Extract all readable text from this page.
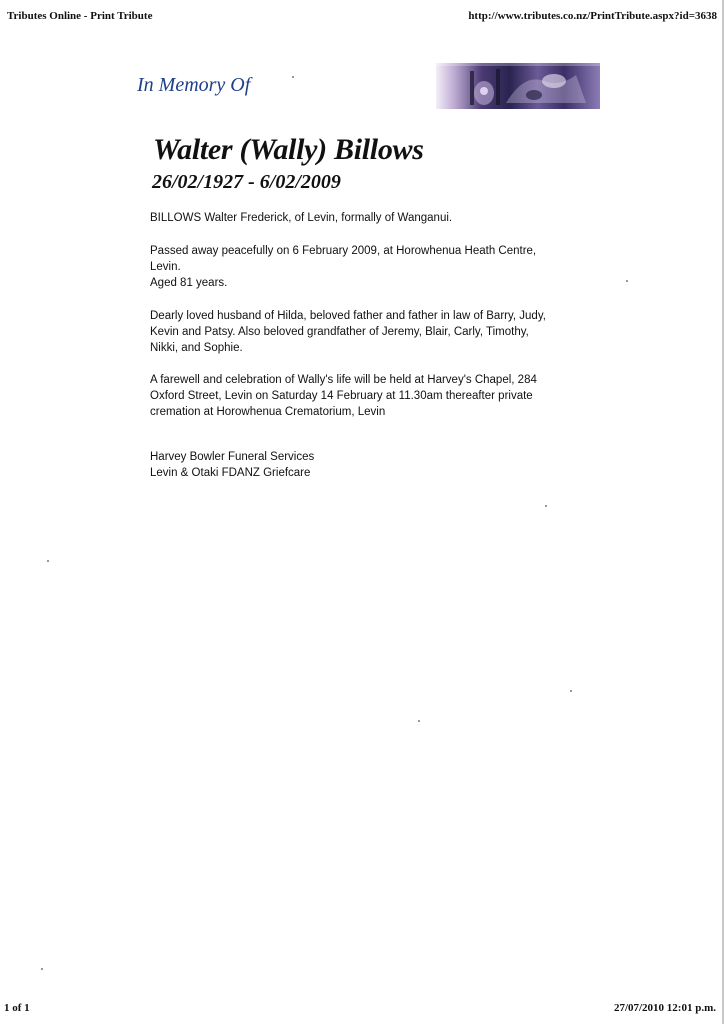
Tributes Online - Print Tribute	http://www.tributes.co.nz/PrintTribute.aspx?id=3638
In Memory Of
Walter (Wally) Billows
26/02/1927 - 6/02/2009
BILLOWS Walter Frederick, of Levin, formally of Wanganui.
Passed away peacefully on 6 February 2009, at Horowhenua Heath Centre,
Levin.
Aged 81 years.
Dearly loved husband of Hilda, beloved father and father in law of Barry, Judy,
Kevin and Patsy. Also beloved grandfather of Jeremy, Blair, Carly, Timothy,
Nikki, and Sophie.
A farewell and celebration of Wally's life will be held at Harvey's Chapel, 284
Oxford Street, Levin on Saturday 14 February at 11.30am thereafter private
cremation at Horowhenua Crematorium, Levin
Harvey Bowler Funeral Services
Levin & Otaki FDANZ Griefcare
1 of 1	27/07/2010 12:01 p.m.
